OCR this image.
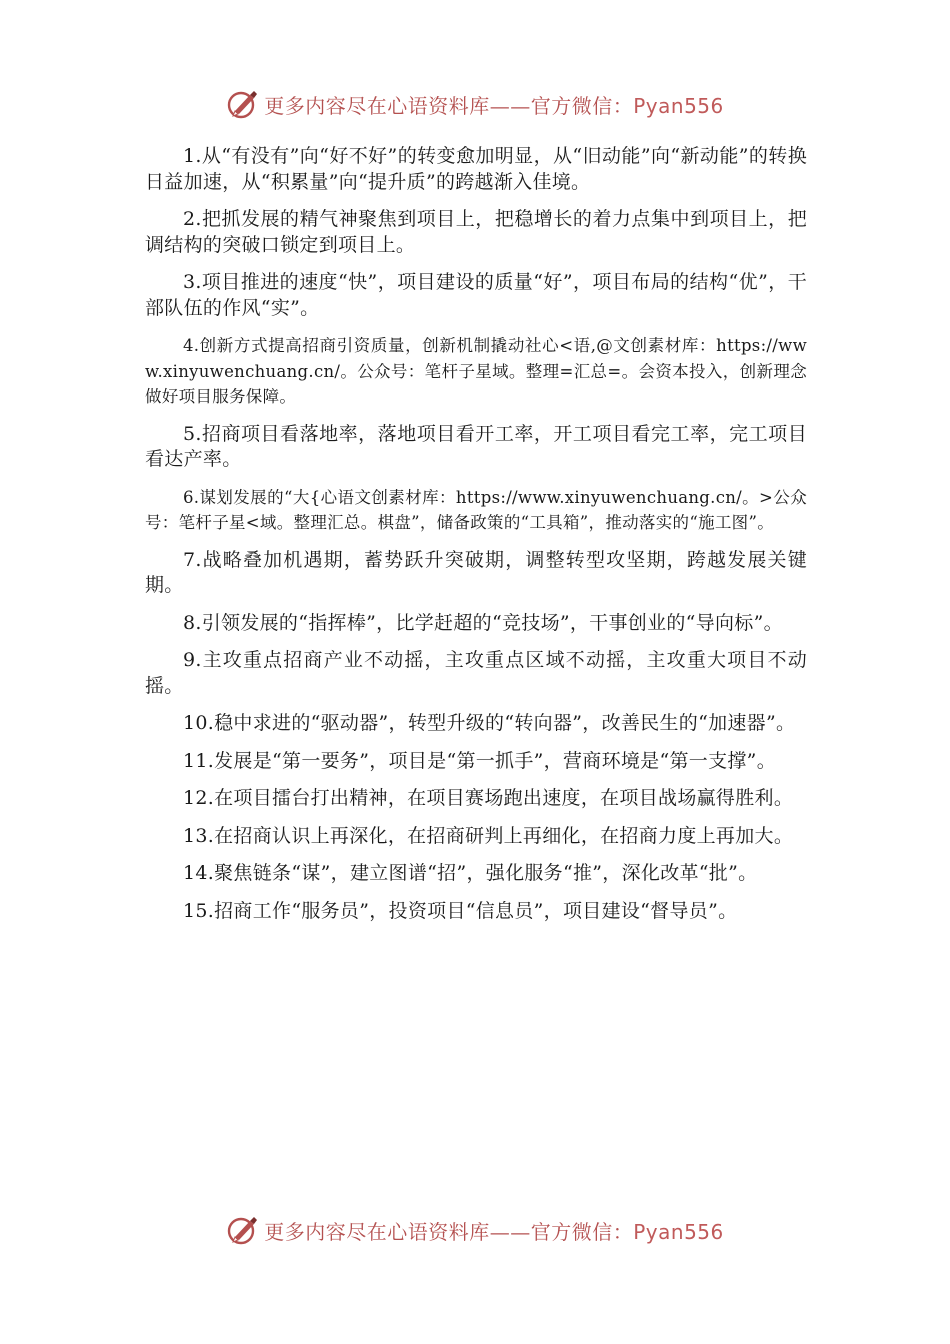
更多内容尽在心语资料库——官方微信：Pyan556

1.从“有没有”向“好不好”的转变愈加明显，从“旧动能”向“新动能”的转换日益加速，从“积累量”向“提升质”的跨越渐入佳境。

2.把抓发展的精气神聚焦到项目上，把稳增长的着力点集中到项目上，把调结构的突破口锁定到项目上。

3.项目推进的速度“快”，项目建设的质量“好”，项目布局的结构“优”，干部队伍的作风“实”。

4.创新方式提高招商引资质量，创新机制撬动社心<语,@文创素材库：https://www.xinyuwenchuang.cn/。公众号：笔杆子星域。整理=汇总=。会资本投入，创新理念做好项目服务保障。

5.招商项目看落地率，落地项目看开工率，开工项目看完工率，完工项目看达产率。

6.谋划发展的“大{心语文创素材库：https://www.xinyuwenchuang.cn/。>公众号：笔杆子星<域。整理汇总。棋盘”，储备政策的“工具箱”，推动落实的“施工图”。

7.战略叠加机遇期，蓄势跃升突破期，调整转型攻坚期，跨越发展关键期。

8.引领发展的“指挥棒”，比学赶超的“竞技场”，干事创业的“导向标”。

9.主攻重点招商产业不动摇，主攻重点区域不动摇，主攻重大项目不动摇。

10.稳中求进的“驱动器”，转型升级的“转向器”，改善民生的“加速器”。

11.发展是“第一要务”，项目是“第一抓手”，营商环境是“第一支撑”。

12.在项目擂台打出精神，在项目赛场跑出速度，在项目战场赢得胜利。

13.在招商认识上再深化，在招商研判上再细化，在招商力度上再加大。

14.聚焦链条“谋”，建立图谱“招”，强化服务“推”，深化改革“批”。

15.招商工作“服务员”，投资项目“信息员”，项目建设“督导员”。

更多内容尽在心语资料库——官方微信：Pyan556
